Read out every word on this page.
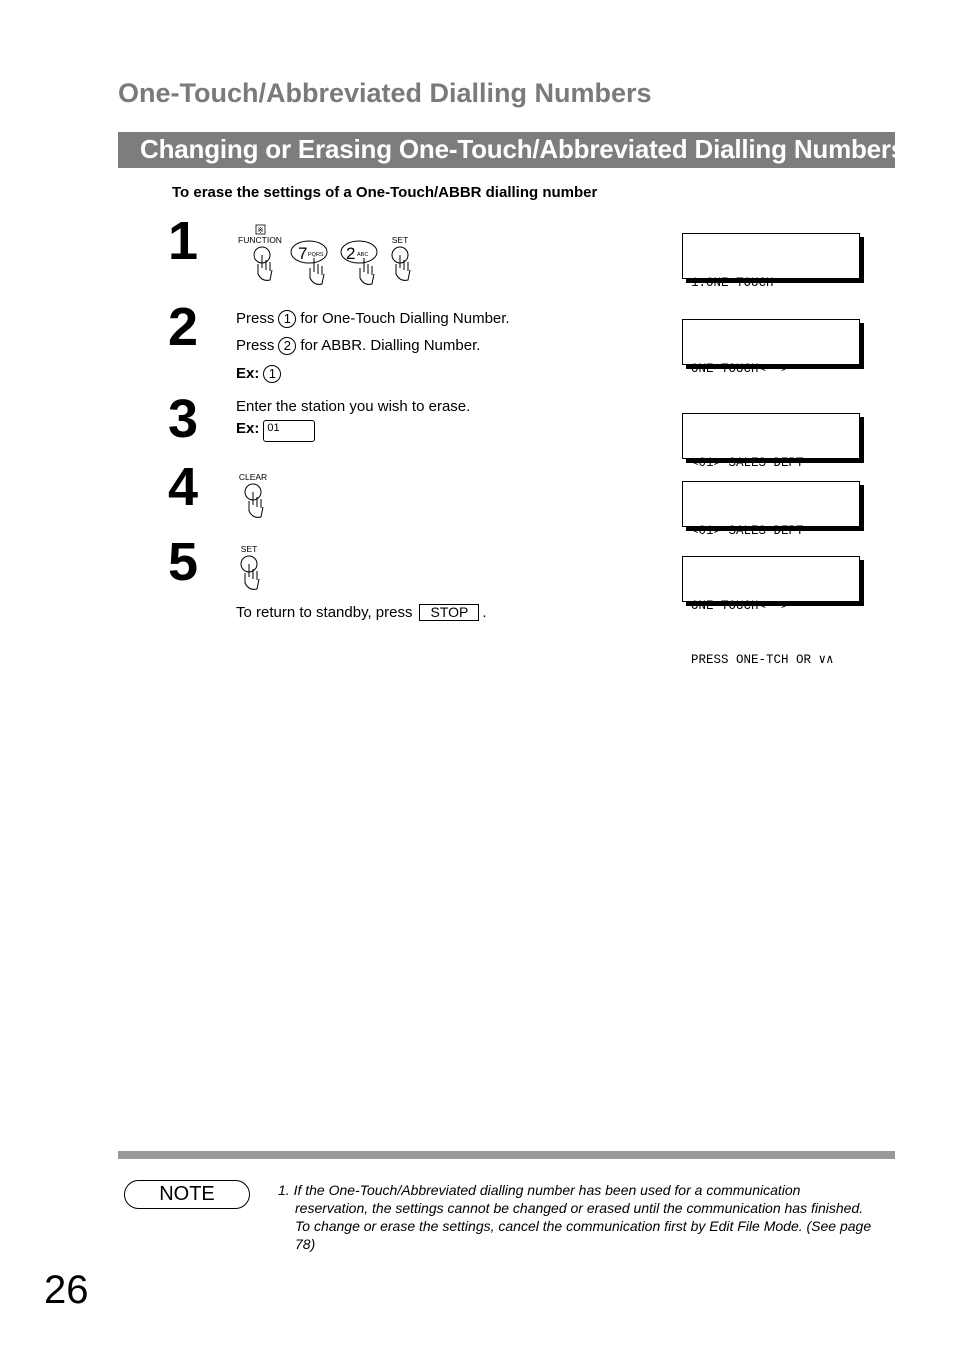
One-Touch/Abbreviated Dialling Numbers
Changing or Erasing One-Touch/Abbreviated Dialling Numbers
To erase the settings of a One-Touch/ABBR dialling number
1	※
FUNCTION
7 PQRS 2 ABC
SET

1:ONE-TOUCH

2	Press 1 for One-Touch Dialling Number.
Press 2 for ABBR. Dialling Number.
Ex: 1

	ONE-TOUCH<  >

3	Enter the station you wish to erase.
Ex: 01

<01> SALES DEPT

4	CLEAR

<01> SALES DEPT

5	SET

ONE-TOUCH<  >

PRESS ONE-TCH OR ∨∧

To return to standby, press STOP .
NOTE	1. If the One-Touch/Abbreviated dialling number has been used for a communication
reservation, the settings cannot be changed or erased until the communication has finished.
To change or erase the settings, cancel the communication first by Edit File Mode. (See page
78)
26
